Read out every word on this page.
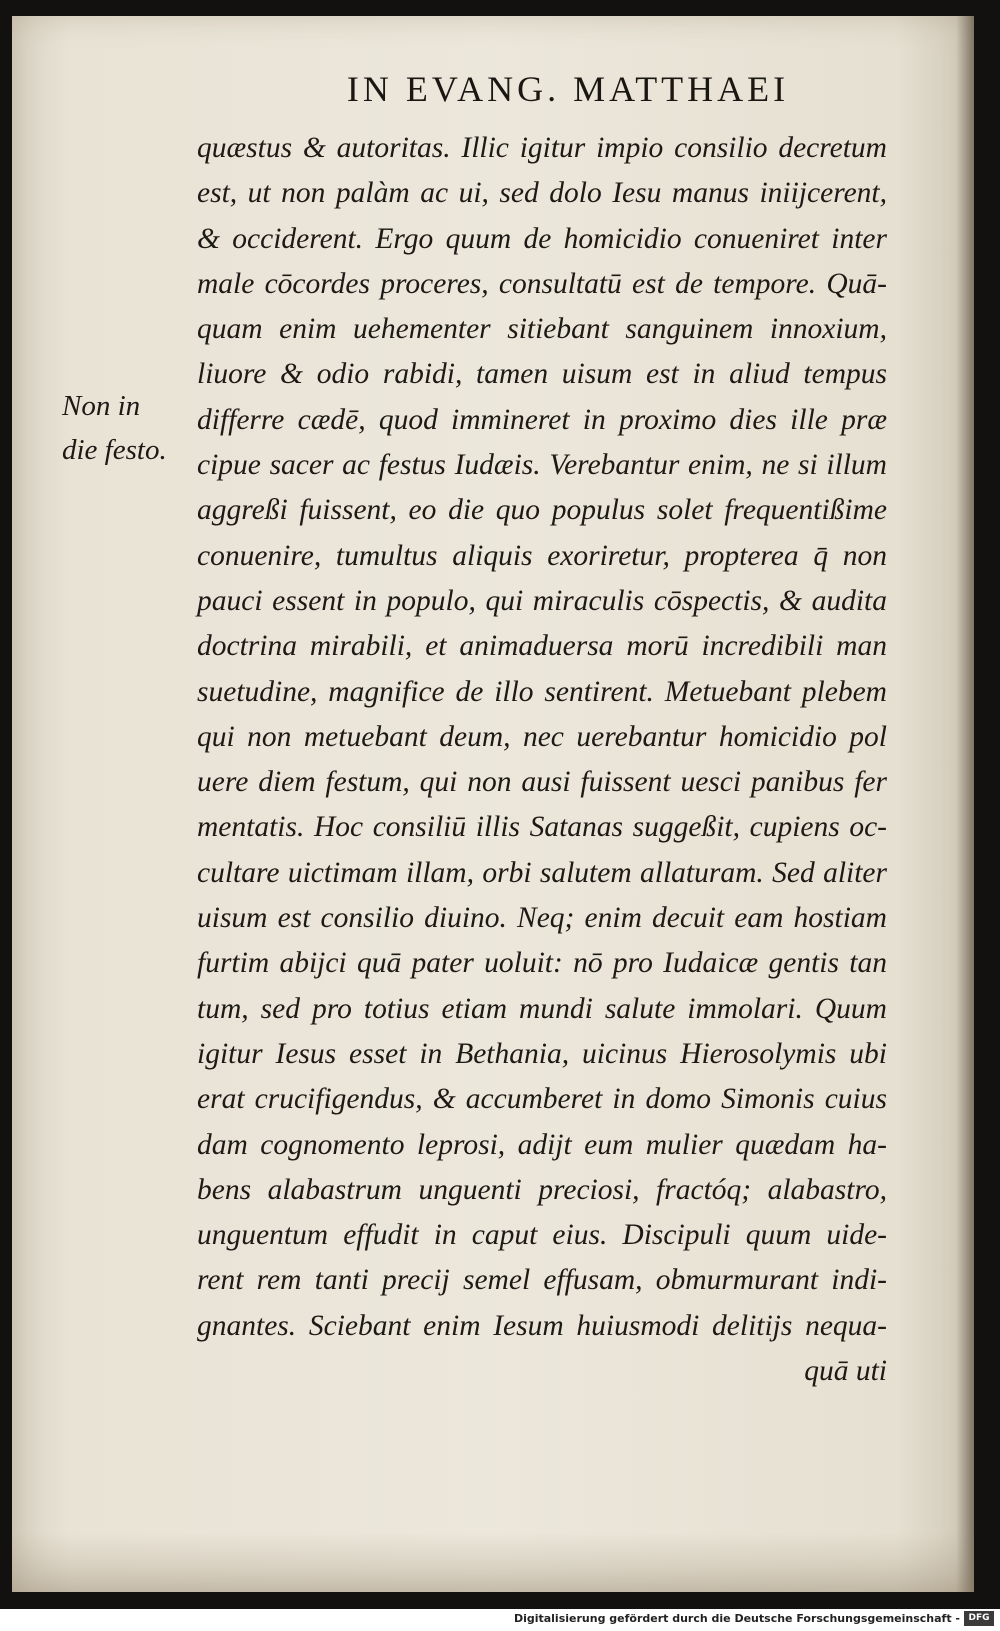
IN EVANG. MATTHAEI
Non in
die festo.
quæstus & autoritas. Illic igitur impio consilio decretum
est, ut non palàm ac ui, sed dolo Iesu manus iniijcerent,
& occiderent. Ergo quum de homicidio conueniret inter
male cōcordes proceres, consultatū est de tempore. Quā-
quam enim uehementer sitiebant sanguinem innoxium,
liuore & odio rabidi, tamen uisum est in aliud tempus
differre cædē, quod immineret in proximo dies ille præ
cipue sacer ac festus Iudæis. Verebantur enim, ne si illum
aggreßi fuissent, eo die quo populus solet frequentißime
conuenire, tumultus aliquis exoriretur, propterea q̄ non
pauci essent in populo, qui miraculis cōspectis, & audita
doctrina mirabili, et animaduersa morū incredibili man
suetudine, magnifice de illo sentirent. Metuebant plebem
qui non metuebant deum, nec uerebantur homicidio pol
uere diem festum, qui non ausi fuissent uesci panibus fer
mentatis. Hoc consiliū illis Satanas suggeßit, cupiens oc-
cultare uictimam illam, orbi salutem allaturam. Sed aliter
uisum est consilio diuino. Neq; enim decuit eam hostiam
furtim abijci quā pater uoluit: nō pro Iudaicæ gentis tan
tum, sed pro totius etiam mundi salute immolari. Quum
igitur Iesus esset in Bethania, uicinus Hierosolymis ubi
erat crucifigendus, & accumberet in domo Simonis cuius
dam cognomento leprosi, adijt eum mulier quædam ha-
bens alabastrum unguenti preciosi, fractóq; alabastro,
unguentum effudit in caput eius. Discipuli quum uide-
rent rem tanti precij semel effusam, obmurmurant indi-
gnantes. Sciebant enim Iesum huiusmodi delitijs nequa-
quā uti
Digitalisierung gefördert durch die Deutsche Forschungsgemeinschaft - DFG
